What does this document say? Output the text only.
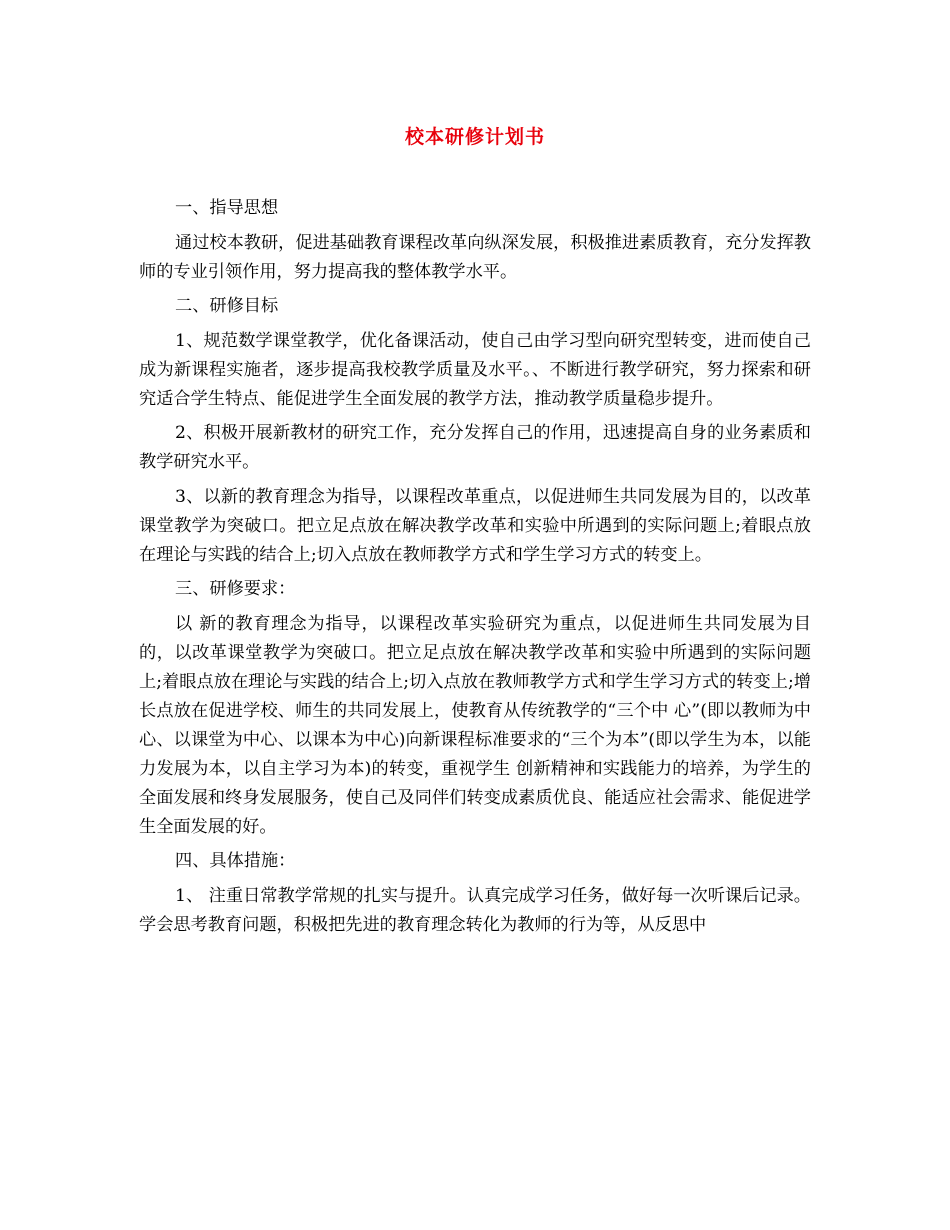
校本研修计划书

一、指导思想

通过校本教研，促进基础教育课程改革向纵深发展，积极推进素质教育，充分发挥教师的专业引领作用，努力提高我的整体教学水平。

二、研修目标

1、规范数学课堂教学，优化备课活动，使自己由学习型向研究型转变，进而使自己成为新课程实施者，逐步提高我校教学质量及水平。、不断进行教学研究，努力探索和研究适合学生特点、能促进学生全面发展的教学方法，推动教学质量稳步提升。

2、积极开展新教材的研究工作，充分发挥自己的作用，迅速提高自身的业务素质和教学研究水平。

3、以新的教育理念为指导，以课程改革重点，以促进师生共同发展为目的，以改革课堂教学为突破口。把立足点放在解决教学改革和实验中所遇到的实际问题上;着眼点放在理论与实践的结合上;切入点放在教师教学方式和学生学习方式的转变上。

三、研修要求：

以 新的教育理念为指导，以课程改革实验研究为重点，以促进师生共同发展为目的，以改革课堂教学为突破口。把立足点放在解决教学改革和实验中所遇到的实际问题 上;着眼点放在理论与实践的结合上;切入点放在教师教学方式和学生学习方式的转变上;增长点放在促进学校、师生的共同发展上，使教育从传统教学的“三个中 心”(即以教师为中心、以课堂为中心、以课本为中心)向新课程标准要求的“三个为本”(即以学生为本，以能力发展为本，以自主学习为本)的转变，重视学生 创新精神和实践能力的培养，为学生的全面发展和终身发展服务，使自己及同伴们转变成素质优良、能适应社会需求、能促进学生全面发展的好。

四、具体措施：

1、 注重日常教学常规的扎实与提升。认真完成学习任务，做好每一次听课后记录。学会思考教育问题，积极把先进的教育理念转化为教师的行为等，从反思中
